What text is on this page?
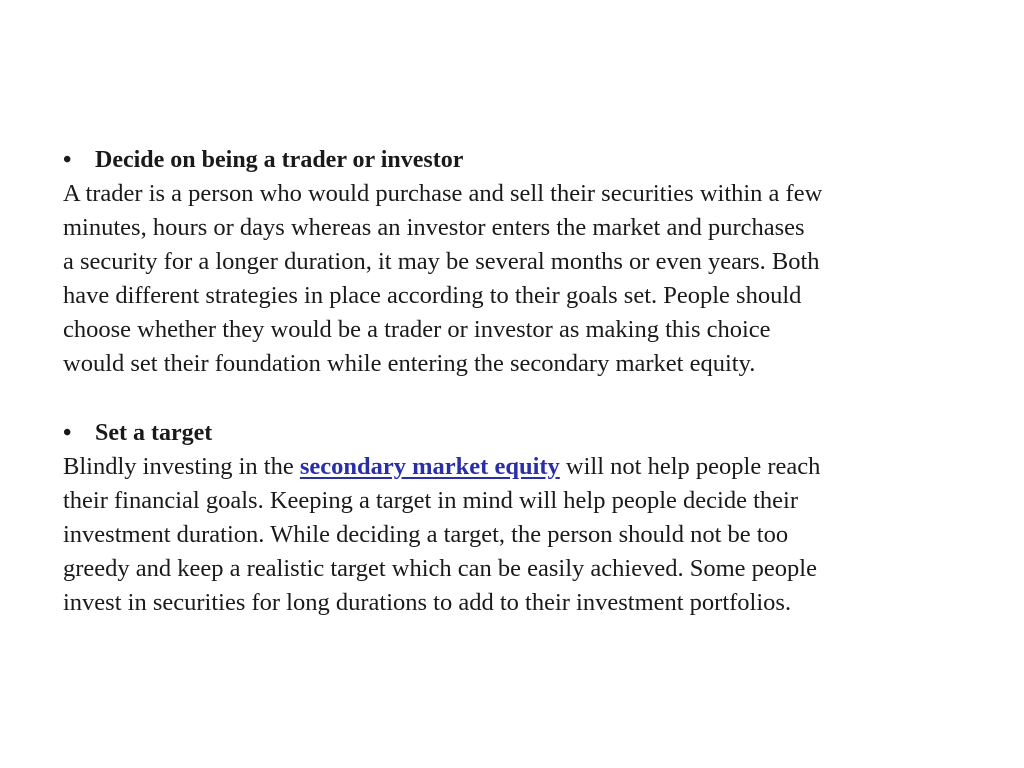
• Decide on being a trader or investor
A trader is a person who would purchase and sell their securities within a few
minutes, hours or days whereas an investor enters the market and purchases
a security for a longer duration, it may be several months or even years. Both
have different strategies in place according to their goals set. People should
choose whether they would be a trader or investor as making this choice
would set their foundation while entering the secondary market equity.
• Set a target
Blindly investing in the secondary market equity will not help people reach
their financial goals. Keeping a target in mind will help people decide their
investment duration. While deciding a target, the person should not be too
greedy and keep a realistic target which can be easily achieved. Some people
invest in securities for long durations to add to their investment portfolios.
